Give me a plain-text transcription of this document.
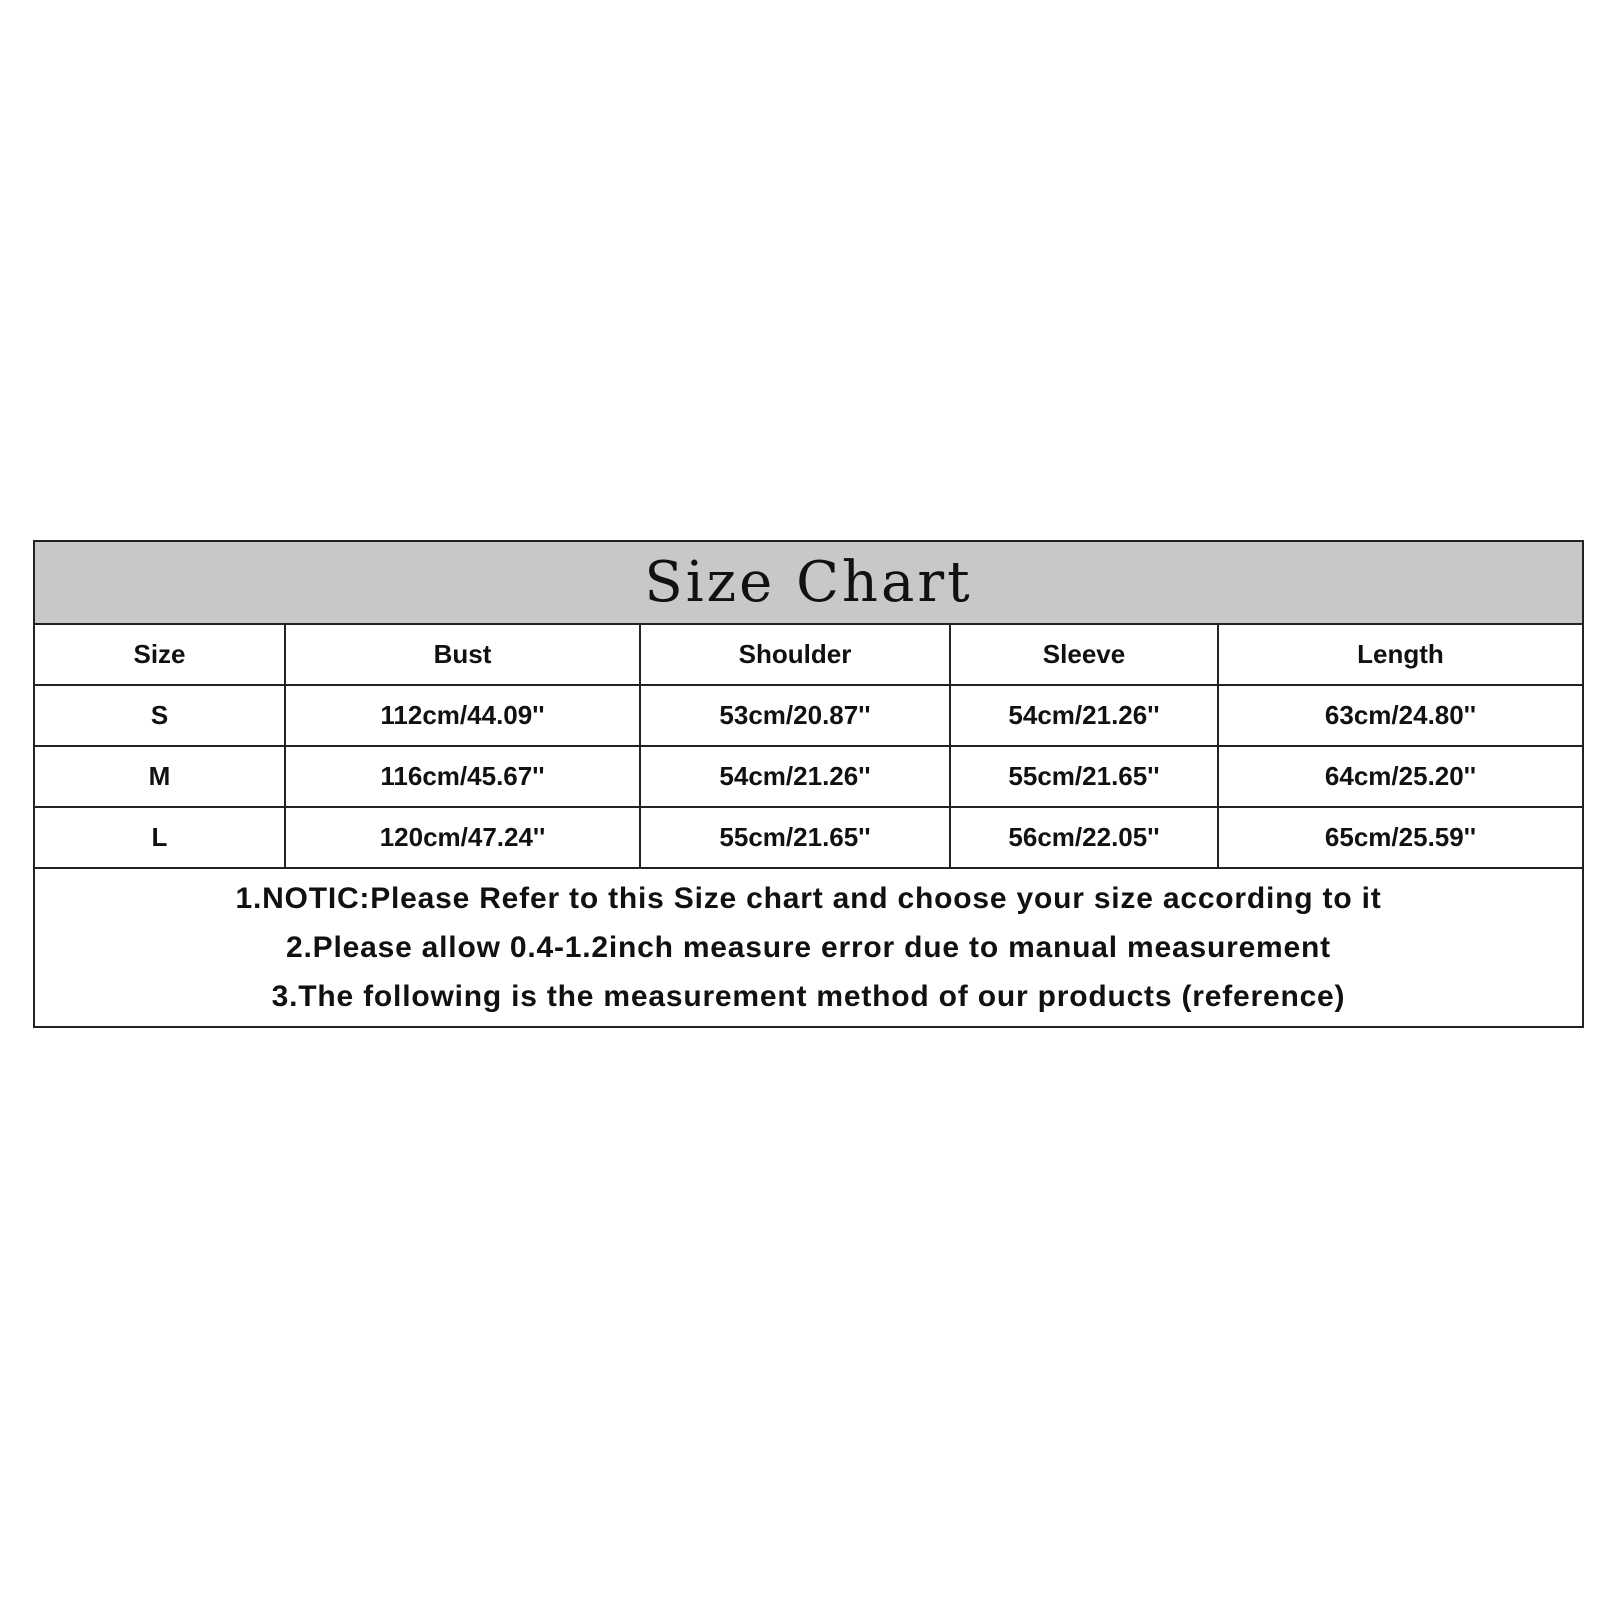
Size Chart
Size	Bust	Shoulder	Sleeve	Length
S	112cm/44.09''	53cm/20.87''	54cm/21.26''	63cm/24.80''
M	116cm/45.67''	54cm/21.26''	55cm/21.65''	64cm/25.20''
L	120cm/47.24''	55cm/21.65''	56cm/22.05''	65cm/25.59''
1.NOTIC:Please Refer to this Size chart and choose your size according to it
2.Please allow 0.4-1.2inch measure error due to manual measurement
3.The following is the measurement method of our products (reference)
